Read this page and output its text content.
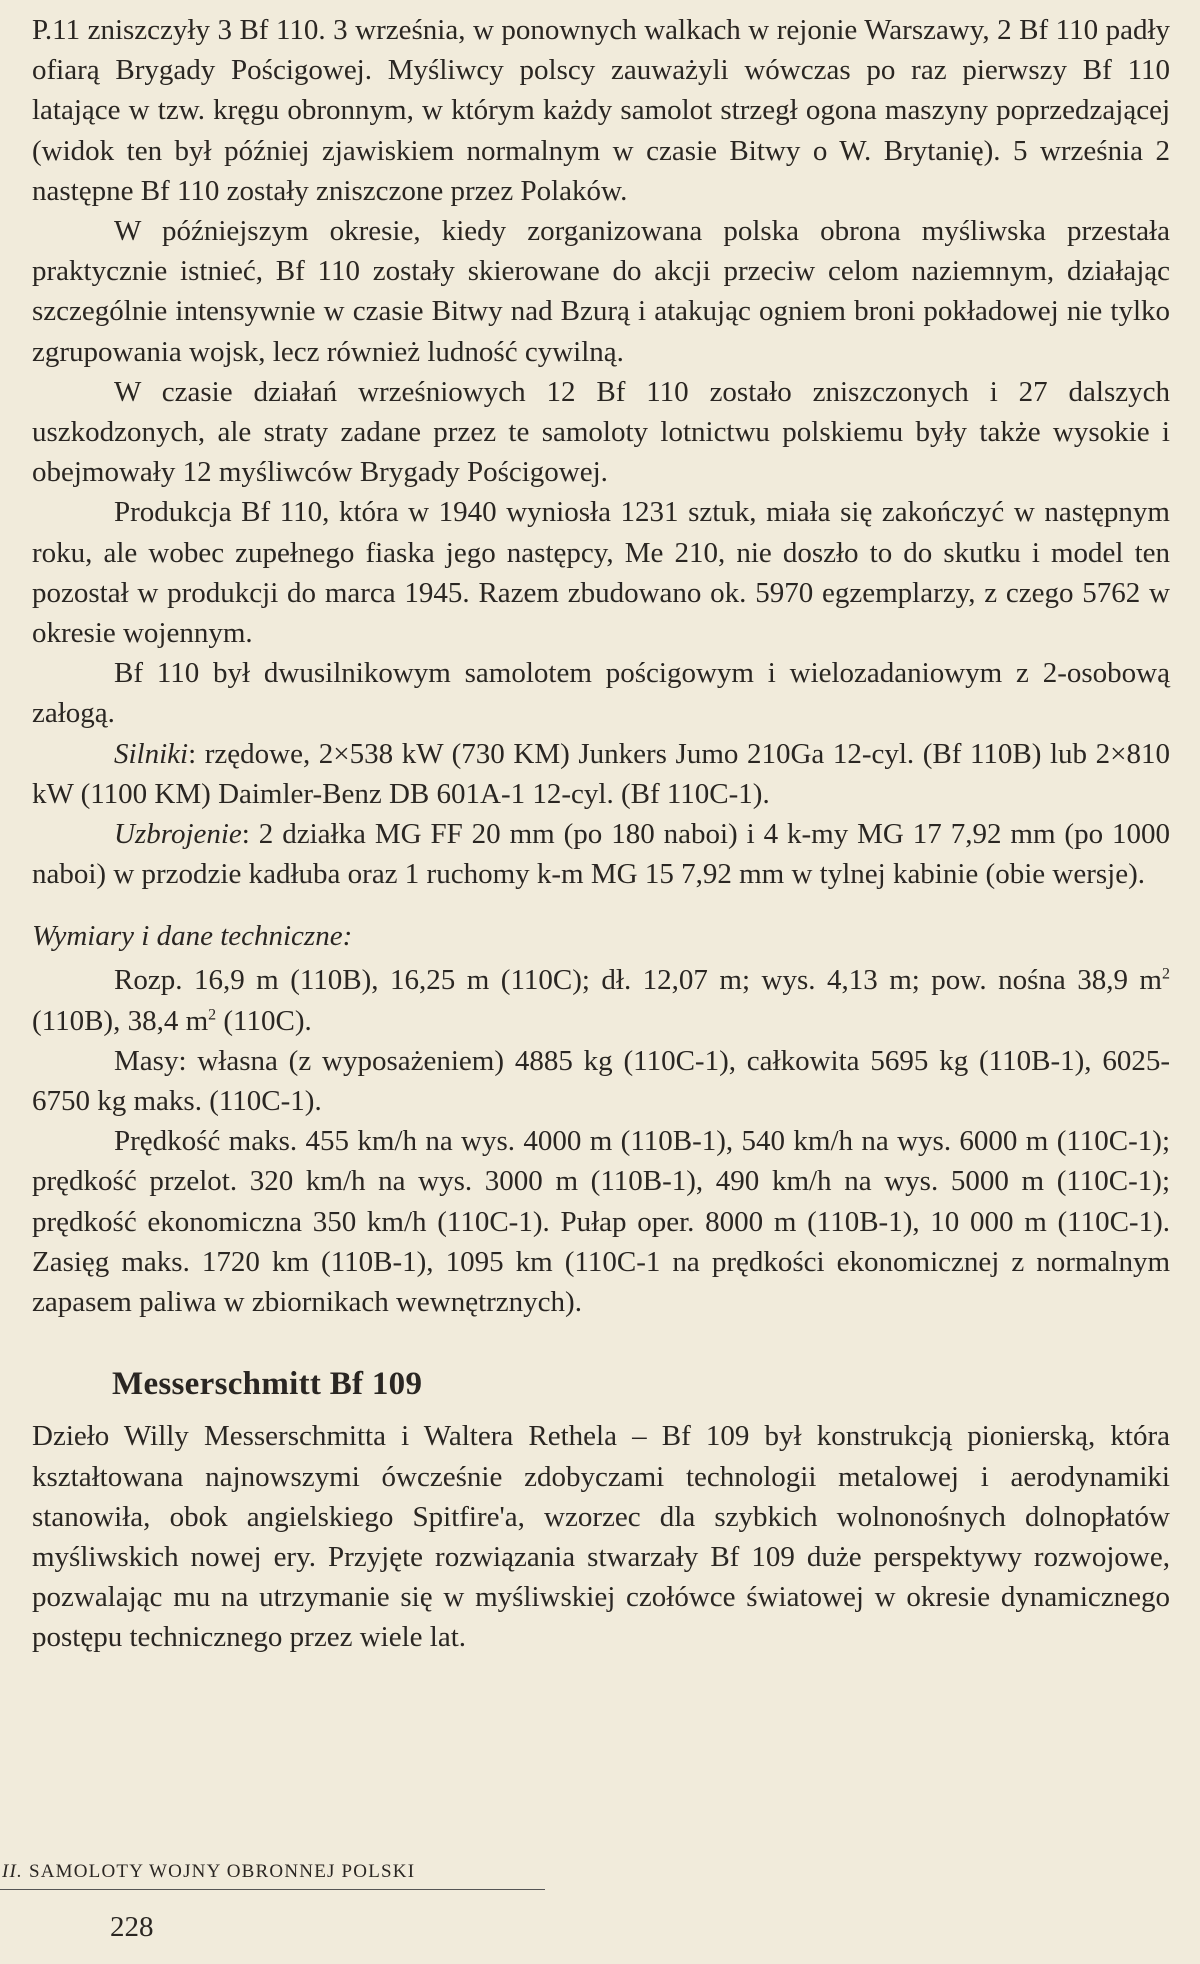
P.11 zniszczyły 3 Bf 110. 3 września, w ponownych walkach w rejonie Warszawy, 2 Bf 110 padły ofiarą Brygady Pościgowej. Myśliwcy polscy zauważyli wówczas po raz pierwszy Bf 110 latające w tzw. kręgu obronnym, w którym każdy samolot strzegł ogona maszyny poprzedzającej (widok ten był później zjawiskiem normalnym w czasie Bitwy o W. Brytanię). 5 września 2 następne Bf 110 zostały zniszczone przez Polaków.

W późniejszym okresie, kiedy zorganizowana polska obrona myśliwska przestała praktycznie istnieć, Bf 110 zostały skierowane do akcji przeciw celom naziemnym, działając szczególnie intensywnie w czasie Bitwy nad Bzurą i atakując ogniem broni pokładowej nie tylko zgrupowania wojsk, lecz również ludność cywilną.

W czasie działań wrześniowych 12 Bf 110 zostało zniszczonych i 27 dalszych uszkodzonych, ale straty zadane przez te samoloty lotnictwu polskiemu były także wysokie i obejmowały 12 myśliwców Brygady Pościgowej.

Produkcja Bf 110, która w 1940 wyniosła 1231 sztuk, miała się zakończyć w następnym roku, ale wobec zupełnego fiaska jego następcy, Me 210, nie doszło to do skutku i model ten pozostał w produkcji do marca 1945. Razem zbudowano ok. 5970 egzemplarzy, z czego 5762 w okresie wojennym.

Bf 110 był dwusilnikowym samolotem pościgowym i wielozadaniowym z 2-osobową załogą.

Silniki: rzędowe, 2×538 kW (730 KM) Junkers Jumo 210Ga 12-cyl. (Bf 110B) lub 2×810 kW (1100 KM) Daimler-Benz DB 601A-1 12-cyl. (Bf 110C-1).

Uzbrojenie: 2 działka MG FF 20 mm (po 180 naboi) i 4 k-my MG 17 7,92 mm (po 1000 naboi) w przodzie kadłuba oraz 1 ruchomy k-m MG 15 7,92 mm w tylnej kabinie (obie wersje).

Wymiary i dane techniczne:

Rozp. 16,9 m (110B), 16,25 m (110C); dł. 12,07 m; wys. 4,13 m; pow. nośna 38,9 $m^2$ (110B), 38,4 $m^2$ (110C).

Masy: własna (z wyposażeniem) 4885 kg (110C-1), całkowita 5695 kg (110B-1), 6025-6750 kg maks. (110C-1).

Prędkość maks. 455 km/h na wys. 4000 m (110B-1), 540 km/h na wys. 6000 m (110C-1); prędkość przelot. 320 km/h na wys. 3000 m (110B-1), 490 km/h na wys. 5000 m (110C-1); prędkość ekonomiczna 350 km/h (110C-1). Pułap oper. 8000 m (110B-1), 10 000 m (110C-1). Zasięg maks. 1720 km (110B-1), 1095 km (110C-1 na prędkości ekonomicznej z normalnym zapasem paliwa w zbiornikach wewnętrznych).

Messerschmitt Bf 109

Dzieło Willy Messerschmitta i Waltera Rethela – Bf 109 był konstrukcją pionierską, która kształtowana najnowszymi ówcześnie zdobyczami technologii metalowej i aerodynamiki stanowiła, obok angielskiego Spitfire'a, wzorzec dla szybkich wolnonośnych dolnopłatów myśliwskich nowej ery. Przyjęte rozwiązania stwarzały Bf 109 duże perspektywy rozwojowe, pozwalając mu na utrzymanie się w myśliwskiej czołówce światowej w okresie dynamicznego postępu technicznego przez wiele lat.

II. SAMOLOTY WOJNY OBRONNEJ POLSKI
228
